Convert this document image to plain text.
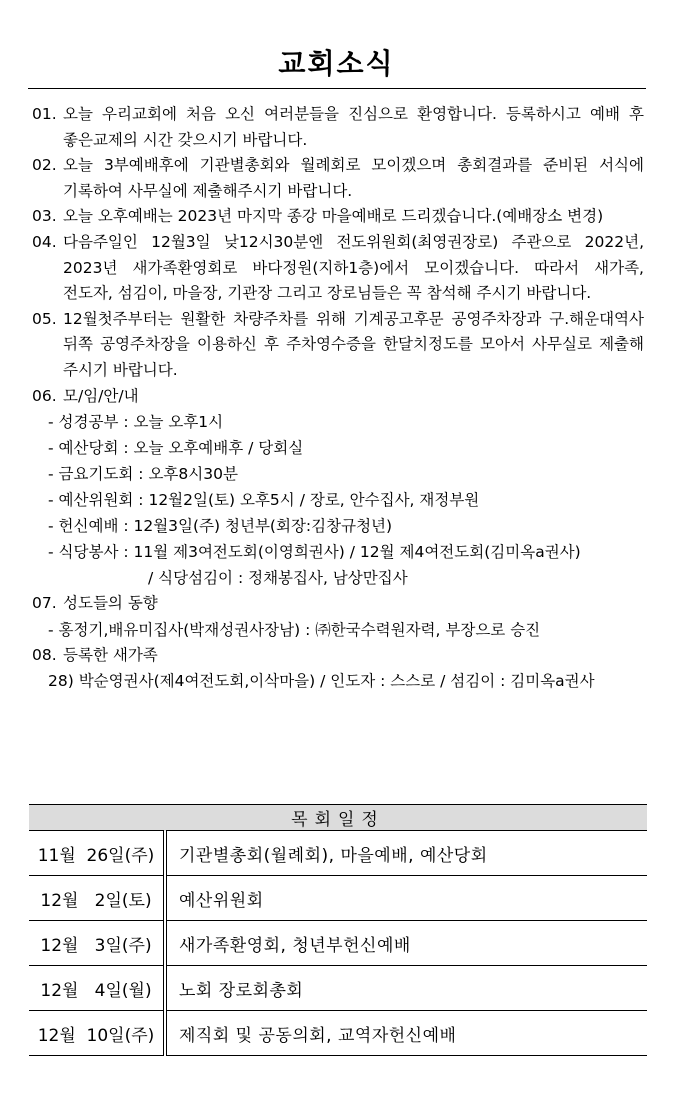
교회소식
01. 오늘 우리교회에 처음 오신 여러분들을 진심으로 환영합니다. 등록하시고 예배 후 좋은교제의 시간 갖으시기 바랍니다.
02. 오늘 3부예배후에 기관별총회와 월례회로 모이겠으며 총회결과를 준비된 서식에 기록하여 사무실에 제출해주시기 바랍니다.
03. 오늘 오후예배는 2023년 마지막 종강 마을예배로 드리겠습니다.(예배장소 변경)
04. 다음주일인 12월3일 낮12시30분엔 전도위원회(최영권장로) 주관으로 2022년, 2023년 새가족환영회로 바다정원(지하1층)에서 모이겠습니다. 따라서 새가족, 전도자, 섬김이, 마을장, 기관장 그리고 장로님들은 꼭 참석해 주시기 바랍니다.
05. 12월첫주부터는 원활한 차량주차를 위해 기계공고후문 공영주차장과 구.해운대역사 뒤쪽 공영주차장을 이용하신 후 주차영수증을 한달치정도를 모아서 사무실로 제출해 주시기 바랍니다.
06. 모/임/안/내
- 성경공부 : 오늘 오후1시
- 예산당회 : 오늘 오후예배후 / 당회실
- 금요기도회 : 오후8시30분
- 예산위원회 : 12월2일(토) 오후5시 / 장로, 안수집사, 재정부원
- 헌신예배 : 12월3일(주) 청년부(회장:김창규청년)
- 식당봉사 : 11월 제3여전도회(이영희권사) / 12월 제4여전도회(김미옥a권사)
/ 식당섬김이 : 정채봉집사, 남상만집사
07. 성도들의 동향
- 홍정기,배유미집사(박재성권사장남) : ㈜한국수력원자력, 부장으로 승진
08. 등록한 새가족
28) 박순영권사(제4여전도회,이삭마을) / 인도자 : 스스로 / 섬김이 : 김미옥a권사
목회일정	
11월  26일(주)	기관별총회(월례회), 마을예배, 예산당회
12월   2일(토)	예산위원회
12월   3일(주)	새가족환영회, 청년부헌신예배
12월   4일(월)	노회 장로회총회
12월  10일(주)	제직회 및 공동의회, 교역자헌신예배
